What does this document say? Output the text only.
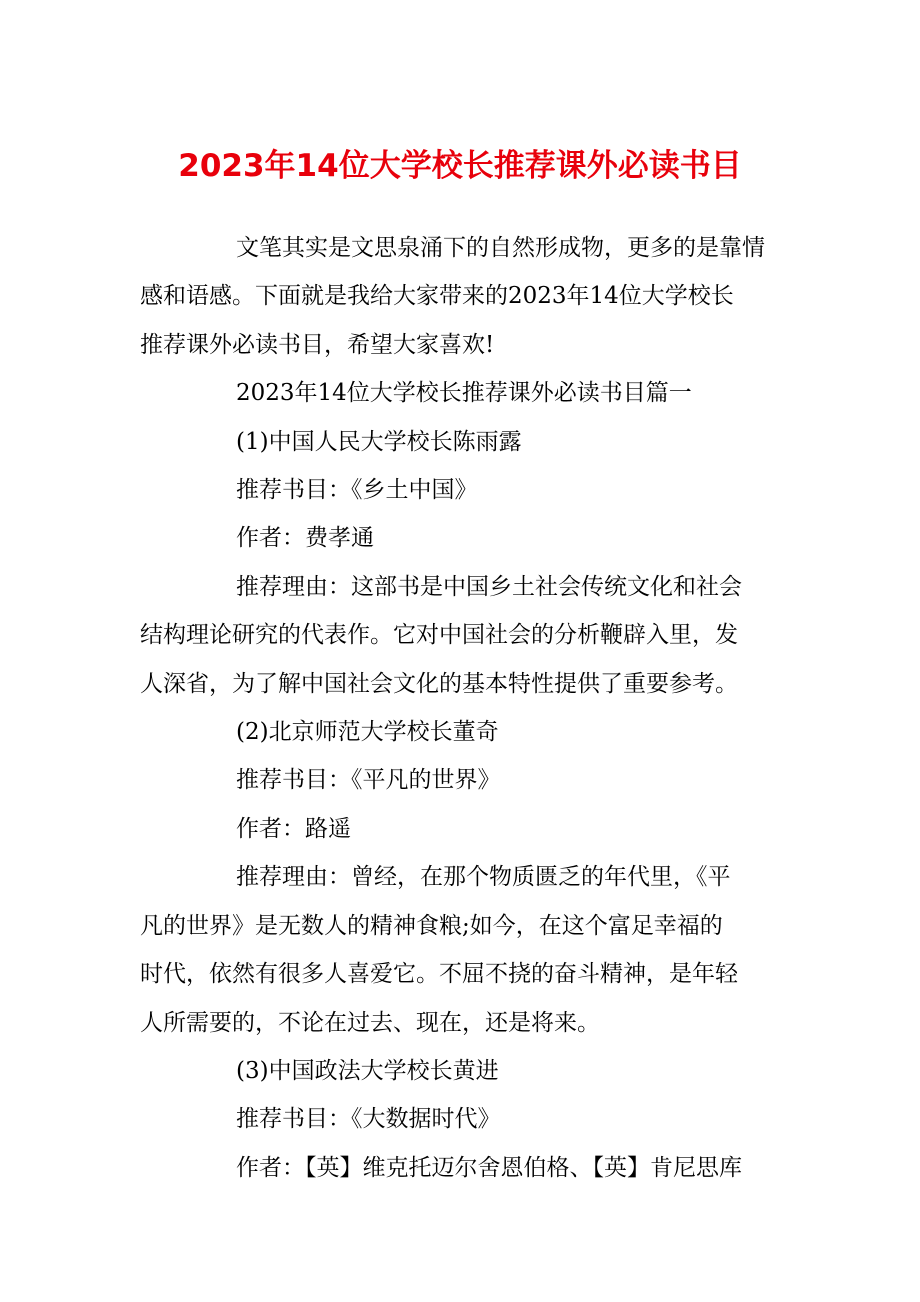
2023年14位大学校长推荐课外必读书目

文笔其实是文思泉涌下的自然形成物，更多的是靠情
感和语感。下面就是我给大家带来的2023年14位大学校长
推荐课外必读书目，希望大家喜欢!

2023年14位大学校长推荐课外必读书目篇一

(1)中国人民大学校长陈雨露

推荐书目：《乡土中国》

作者：费孝通

推荐理由：这部书是中国乡土社会传统文化和社会
结构理论研究的代表作。它对中国社会的分析鞭辟入里，发
人深省，为了解中国社会文化的基本特性提供了重要参考。

(2)北京师范大学校长董奇

推荐书目：《平凡的世界》

作者：路遥

推荐理由：曾经，在那个物质匮乏的年代里，《平
凡的世界》是无数人的精神食粮;如今，在这个富足幸福的
时代，依然有很多人喜爱它。不屈不挠的奋斗精神，是年轻
人所需要的，不论在过去、现在，还是将来。

(3)中国政法大学校长黄进

推荐书目：《大数据时代》

作者：【英】维克托迈尔舍恩伯格、【英】肯尼思库
